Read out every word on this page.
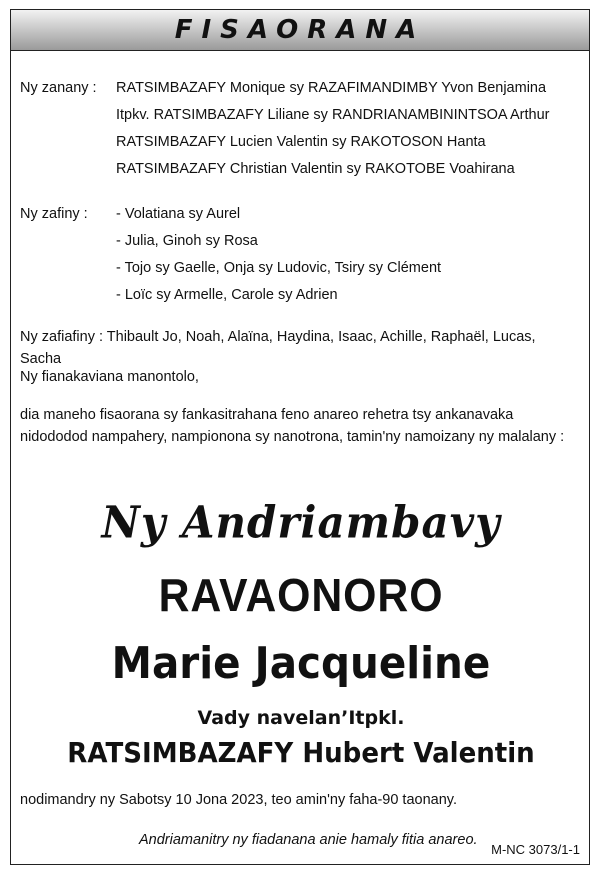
FISAORANA
Ny zanany :	RATSIMBAZAFY Monique sy RAZAFIMANDIMBY Yvon Benjamina
Itpkv. RATSIMBAZAFY Liliane sy RANDRIANAMBININTSOA Arthur
RATSIMBAZAFY Lucien Valentin sy RAKOTOSON Hanta
RATSIMBAZAFY Christian Valentin sy RAKOTOBE Voahirana
Ny zafiny :	- Volatiana sy Aurel
- Julia, Ginoh sy Rosa
- Tojo sy Gaelle, Onja sy Ludovic, Tsiry sy Clément
- Loïc sy Armelle, Carole sy Adrien
Ny zafiafiny : Thibault Jo, Noah, Alaïna, Haydina, Isaac, Achille, Raphaël, Lucas, Sacha
Ny fianakaviana manontolo,
dia maneho fisaorana sy fankasitrahana feno anareo rehetra tsy ankanavaka nidododod nampahery, nampionona sy nanotrona, tamin'ny namoizany ny malalany :
Ny Andriambavy
RAVAONORO
Marie Jacqueline
Vady navelan’Itpkl.
RATSIMBAZAFY Hubert Valentin
nodimandry ny Sabotsy 10 Jona 2023, teo amin'ny faha-90 taonany.
Andriamanitry ny fiadanana anie hamaly fitia anareo.
M-NC 3073/1-1
